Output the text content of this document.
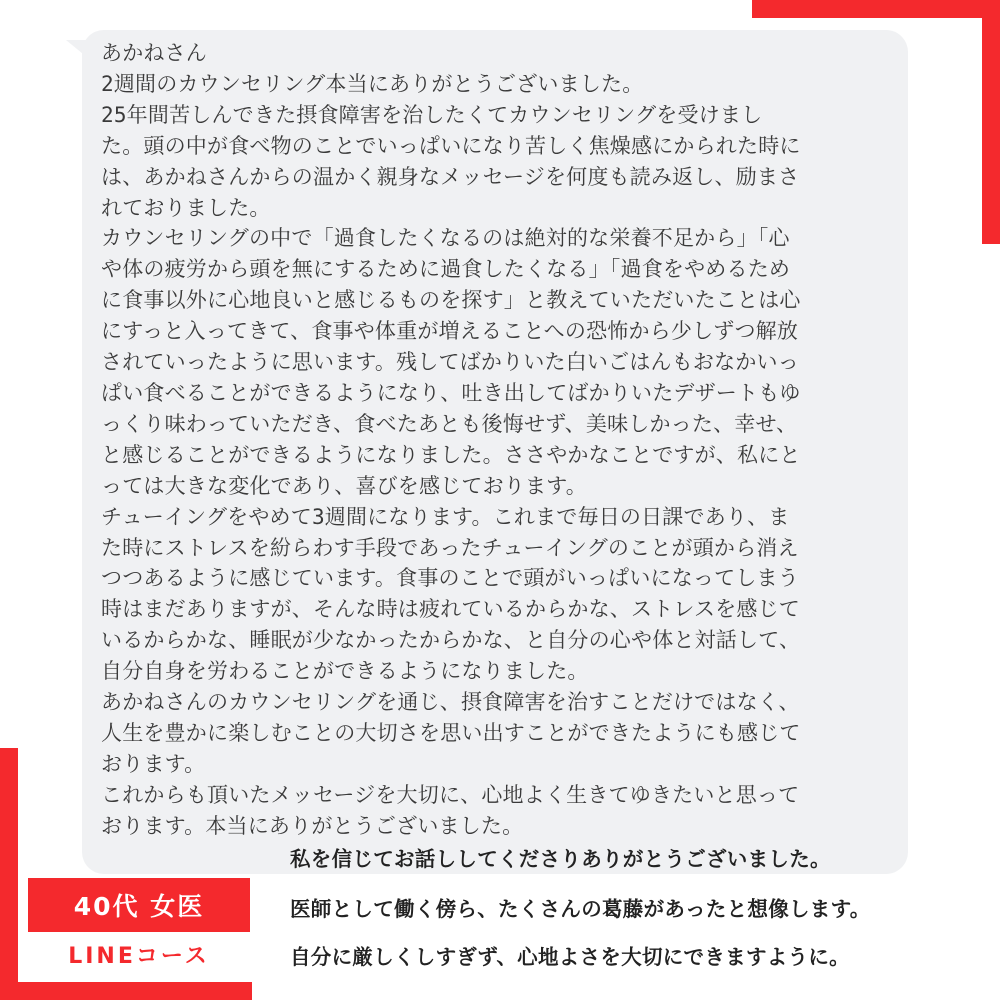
あかねさん
2週間のカウンセリング本当にありがとうございました。
25年間苦しんできた摂食障害を治したくてカウンセリングを受けまし
た。頭の中が食べ物のことでいっぱいになり苦しく焦燥感にかられた時に
は、あかねさんからの温かく親身なメッセージを何度も読み返し、励まさ
れておりました。
カウンセリングの中で「過食したくなるのは絶対的な栄養不足から」「心
や体の疲労から頭を無にするために過食したくなる」「過食をやめるため
に食事以外に心地良いと感じるものを探す」と教えていただいたことは心
にすっと入ってきて、食事や体重が増えることへの恐怖から少しずつ解放
されていったように思います。残してばかりいた白いごはんもおなかいっ
ぱい食べることができるようになり、吐き出してばかりいたデザートもゆ
っくり味わっていただき、食べたあとも後悔せず、美味しかった、幸せ、
と感じることができるようになりました。ささやかなことですが、私にと
っては大きな変化であり、喜びを感じております。
チューイングをやめて3週間になります。これまで毎日の日課であり、ま
た時にストレスを紛らわす手段であったチューイングのことが頭から消え
つつあるように感じています。食事のことで頭がいっぱいになってしまう
時はまだありますが、そんな時は疲れているからかな、ストレスを感じて
いるからかな、睡眠が少なかったからかな、と自分の心や体と対話して、
自分自身を労わることができるようになりました。
あかねさんのカウンセリングを通じ、摂食障害を治すことだけではなく、
人生を豊かに楽しむことの大切さを思い出すことができたようにも感じて
おります。
これからも頂いたメッセージを大切に、心地よく生きてゆきたいと思って
おります。本当にありがとうございました。
40代 女医
LINEコース
私を信じてお話ししてくださりありがとうございました。
医師として働く傍ら、たくさんの葛藤があったと想像します。
自分に厳しくしすぎず、心地よさを大切にできますように。
